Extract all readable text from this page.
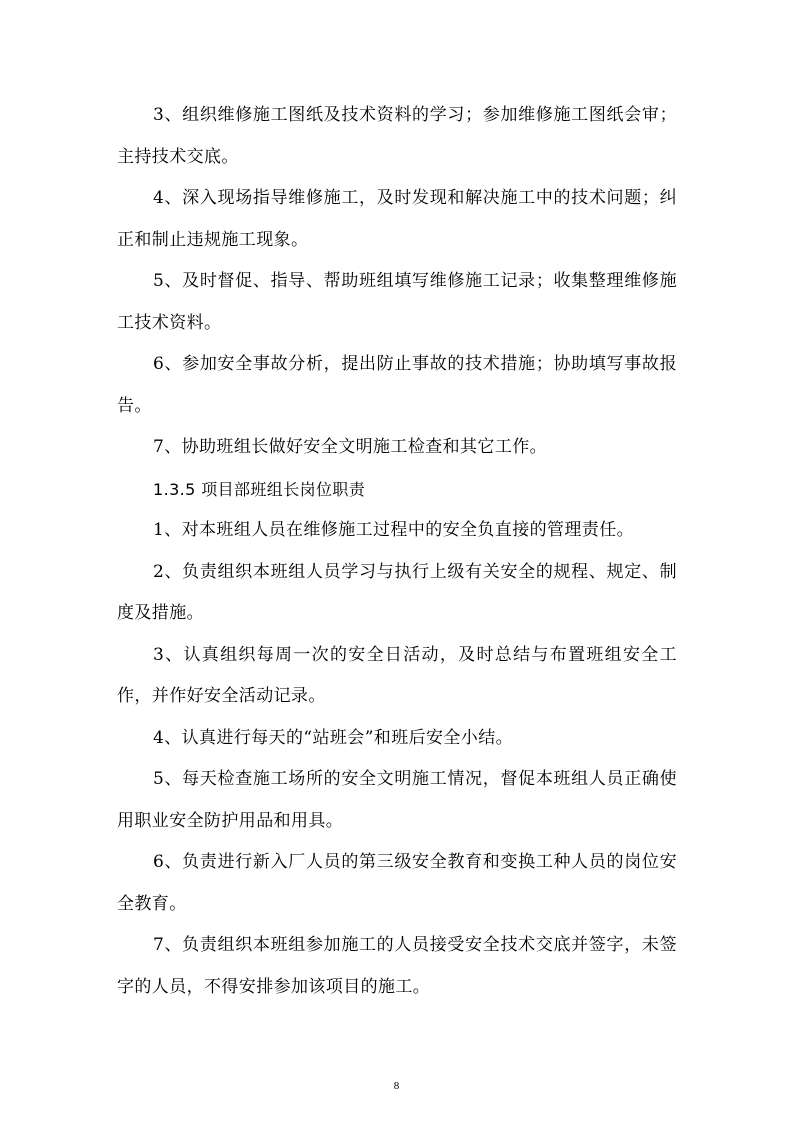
3、组织维修施工图纸及技术资料的学习；参加维修施工图纸会审；主持技术交底。

4、深入现场指导维修施工，及时发现和解决施工中的技术问题；纠正和制止违规施工现象。

5、及时督促、指导、帮助班组填写维修施工记录；收集整理维修施工技术资料。

6、参加安全事故分析，提出防止事故的技术措施；协助填写事故报告。

7、协助班组长做好安全文明施工检查和其它工作。

1.3.5 项目部班组长岗位职责

1、对本班组人员在维修施工过程中的安全负直接的管理责任。

2、负责组织本班组人员学习与执行上级有关安全的规程、规定、制度及措施。

3、认真组织每周一次的安全日活动，及时总结与布置班组安全工作，并作好安全活动记录。

4、认真进行每天的“站班会”和班后安全小结。

5、每天检查施工场所的安全文明施工情况，督促本班组人员正确使用职业安全防护用品和用具。

6、负责进行新入厂人员的第三级安全教育和变换工种人员的岗位安全教育。

7、负责组织本班组参加施工的人员接受安全技术交底并签字，未签字的人员，不得安排参加该项目的施工。

8
